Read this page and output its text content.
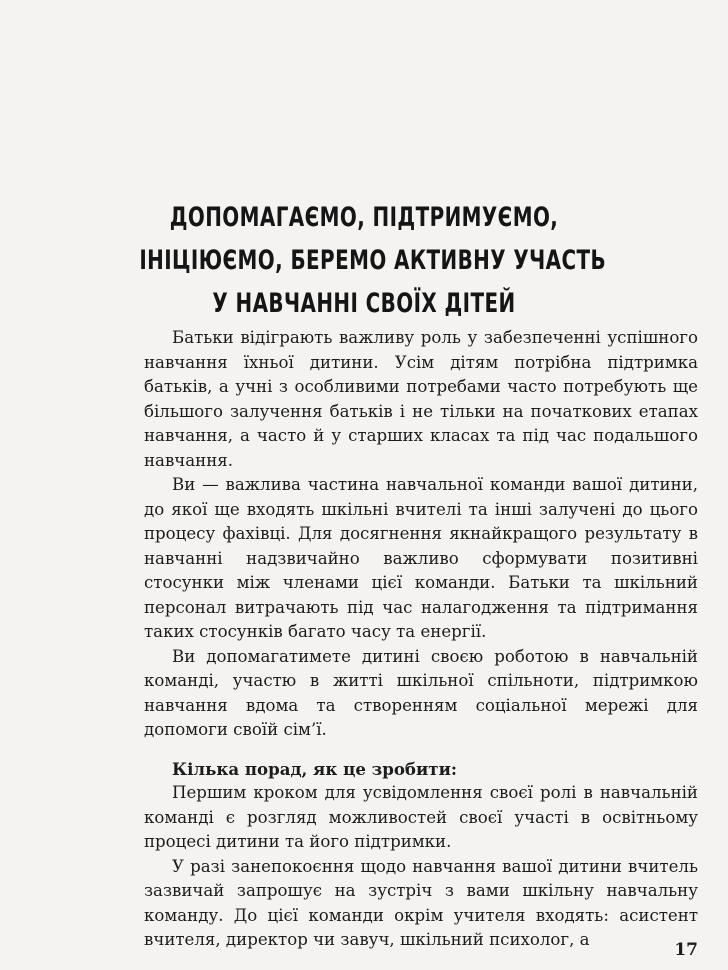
ДОПОМАГАЄМО, ПІДТРИМУЄМО,
ІНІЦІЮЄМО, БЕРЕМО АКТИВНУ УЧАСТЬ
У НАВЧАННІ СВОЇХ ДІТЕЙ

Батьки відіграють важливу роль у забезпеченні успішного навчання їхньої дитини. Усім дітям потрібна підтримка батьків, а учні з особливими потребами часто потребують ще більшого залучення батьків і не тільки на початкових етапах навчання, а часто й у старших класах та під час подальшого навчання.

Ви — важлива частина навчальної команди вашої дитини, до якої ще входять шкільні вчителі та інші залучені до цього процесу фахівці. Для досягнення якнайкращого результату в навчанні надзвичайно важливо сформувати позитивні стосунки між членами цієї команди. Батьки та шкільний персонал витрачають під час налагодження та підтримання таких стосунків багато часу та енергії.

Ви допомагатимете дитині своєю роботою в навчальній команді, участю в житті шкільної спільноти, підтримкою навчання вдома та створенням соціальної мережі для допомоги своїй сім’ї.

Кілька порад, як це зробити:

Першим кроком для усвідомлення своєї ролі в навчальній команді є розгляд можливостей своєї участі в освітньому процесі дитини та його підтримки.

У разі занепокоєння щодо навчання вашої дитини вчитель зазвичай запрошує на зустріч з вами шкільну навчальну команду. До цієї команди окрім учителя входять: асистент вчителя, директор чи завуч, шкільний психолог, а

17
